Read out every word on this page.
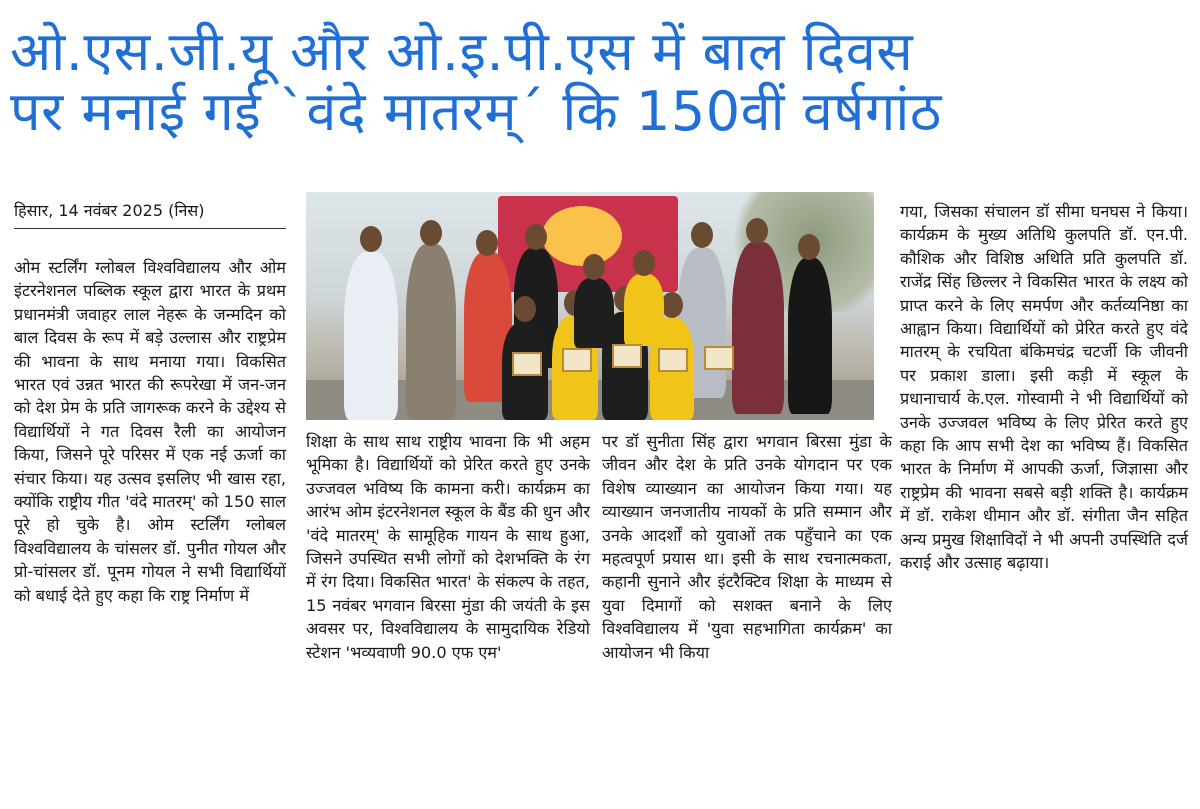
ओ.एस.जी.यू और ओ.इ.पी.एस में बाल दिवस
पर मनाई गई `वंदे मातरम्´ कि 150वीं वर्षगांठ
हिसार, 14 नवंबर 2025 (निस)

ओम स्टर्लिंग ग्लोबल विश्वविद्यालय और ओम इंटरनेशनल पब्लिक स्कूल द्वारा भारत के प्रथम प्रधानमंत्री जवाहर लाल नेहरू के जन्मदिन को बाल दिवस के रूप में बड़े उल्लास और राष्ट्रप्रेम की भावना के साथ मनाया गया। विकसित भारत एवं उन्नत भारत की रूपरेखा में जन-जन को देश प्रेम के प्रति जागरूक करने के उद्देश्य से विद्यार्थियों ने गत दिवस रैली का आयोजन किया, जिसने पूरे परिसर में एक नई ऊर्जा का संचार किया। यह उत्सव इसलिए भी खास रहा, क्योंकि राष्ट्रीय गीत 'वंदे मातरम्' को 150 साल पूरे हो चुके है। ओम स्टर्लिंग ग्लोबल विश्वविद्यालय के चांसलर डॉ. पुनीत गोयल और प्रो-चांसलर डॉ. पूनम गोयल ने सभी विद्यार्थियों को बधाई देते हुए कहा कि राष्ट्र निर्माण में

शिक्षा के साथ साथ राष्ट्रीय भावना कि भी अहम भूमिका है। विद्यार्थियों को प्रेरित करते हुए उनके उज्जवल भविष्य कि कामना करी। कार्यक्रम का आरंभ ओम इंटरनेशनल स्कूल के बैंड की धुन और 'वंदे मातरम्' के सामूहिक गायन के साथ हुआ, जिसने उपस्थित सभी लोगों को देशभक्ति के रंग में रंग दिया। विकसित भारत' के संकल्प के तहत, 15 नवंबर भगवान बिरसा मुंडा की जयंती के इस अवसर पर, विश्वविद्यालय के सामुदायिक रेडियो स्टेशन 'भव्यवाणी 90.0 एफ एम'

पर डॉ सुनीता सिंह द्वारा भगवान बिरसा मुंडा के जीवन और देश के प्रति उनके योगदान पर एक विशेष व्याख्यान का आयोजन किया गया। यह व्याख्यान जनजातीय नायकों के प्रति सम्मान और उनके आदर्शों को युवाओं तक पहुँचाने का एक महत्वपूर्ण प्रयास था। इसी के साथ रचनात्मकता, कहानी सुनाने और इंटरैक्टिव शिक्षा के माध्यम से युवा दिमागों को सशक्त बनाने के लिए विश्वविद्यालय में 'युवा सहभागिता कार्यक्रम' का आयोजन भी किया

गया, जिसका संचालन डॉ सीमा घनघस ने किया। कार्यक्रम के मुख्य अतिथि कुलपति डॉ. एन.पी. कौशिक और विशिष्ठ अथिति प्रति कुलपति डॉ. राजेंद्र सिंह छिल्लर ने विकसित भारत के लक्ष्य को प्राप्त करने के लिए समर्पण और कर्तव्यनिष्ठा का आह्वान किया। विद्यार्थियों को प्रेरित करते हुए वंदे मातरम् के रचयिता बंकिमचंद्र चटर्जी कि जीवनी पर प्रकाश डाला। इसी कड़ी में स्कूल के प्रधानाचार्य के.एल. गोस्वामी ने भी विद्यार्थियों को उनके उज्जवल भविष्य के लिए प्रेरित करते हुए कहा कि आप सभी देश का भविष्य हैं। विकसित भारत के निर्माण में आपकी ऊर्जा, जिज्ञासा और राष्ट्रप्रेम की भावना सबसे बड़ी शक्ति है। कार्यक्रम में डॉ. राकेश धीमान और डॉ. संगीता जैन सहित अन्य प्रमुख शिक्षाविदों ने भी अपनी उपस्थिति दर्ज कराई और उत्साह बढ़ाया।
